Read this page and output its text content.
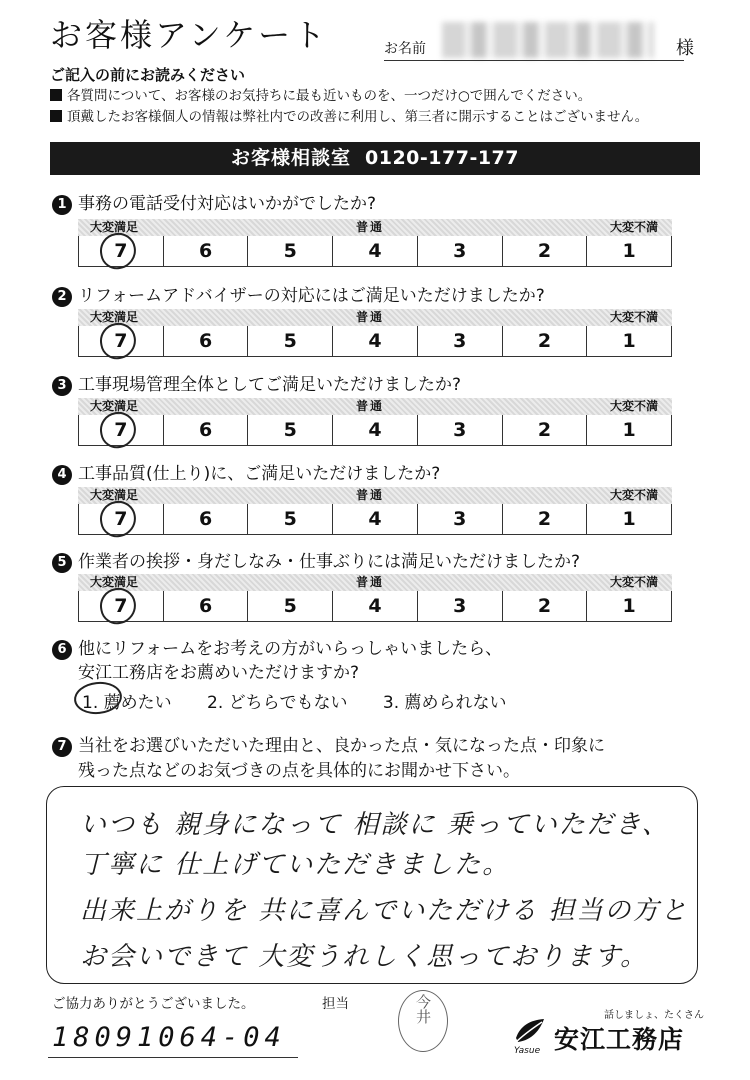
お客様アンケート	お名前	様
ご記入の前にお読みください
各質問について、お客様のお気持ちに最も近いものを、一つだけ○で囲んでください。
頂戴したお客様個人の情報は弊社内での改善に利用し、第三者に開示することはございません。
お客様相談室 0120-177-177
1 事務の電話受付対応はいかがでしたか?
大変満足	普通	大変不満
7	6	5	4	3	2	1
2 リフォームアドバイザーの対応にはご満足いただけましたか?
大変満足	普通	大変不満
7	6	5	4	3	2	1
3 工事現場管理全体としてご満足いただけましたか?
大変満足	普通	大変不満
7	6	5	4	3	2	1
4 工事品質(仕上り)に、ご満足いただけましたか?
大変満足	普通	大変不満
7	6	5	4	3	2	1
5 作業者の挨拶・身だしなみ・仕事ぶりには満足いただけましたか?
大変満足	普通	大変不満
7	6	5	4	3	2	1
6 他にリフォームをお考えの方がいらっしゃいましたら、
安江工務店をお薦めいただけますか?
1. 薦めたい 2. どちらでもない 3. 薦められない
7 当社をお選びいただいた理由と、良かった点・気になった点・印象に
残った点などのお気づきの点を具体的にお聞かせ下さい。
いつも 親身になって 相談に 乗っていただき、
丁寧に 仕上げていただきました。
出来上がりを 共に喜んでいただける 担当の方と
お会いできて 大変うれしく思っております。
ご協力ありがとうございました。	担当
18091064-04
今井	話しましょ、たくさん
Yasue 安江工務店
